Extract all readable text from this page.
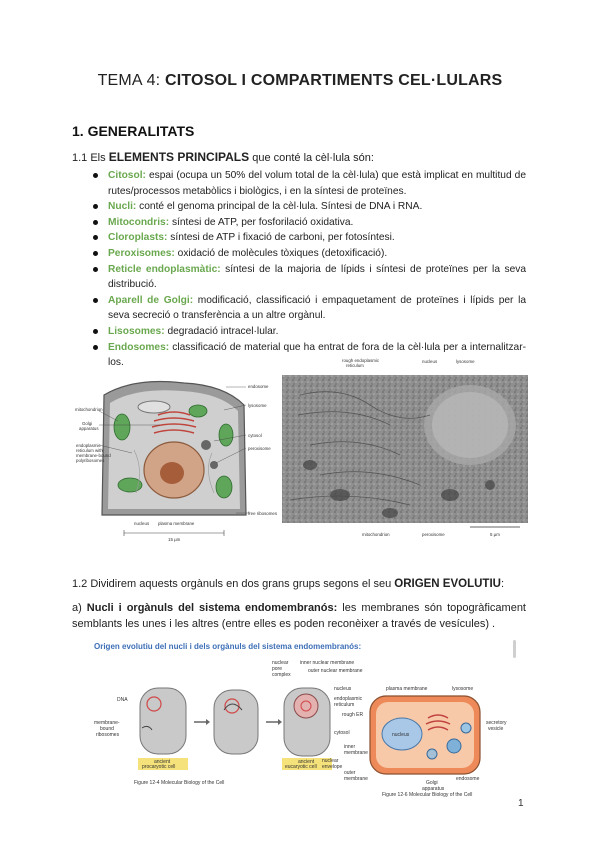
TEMA 4: CITOSOL I COMPARTIMENTS CEL·LULARS
1. GENERALITATS
1.1 Els ELEMENTS PRINCIPALS que conté la cèl·lula són:
Citosol: espai (ocupa un 50% del volum total de la cèl·lula) que està implicat en multitud de rutes/processos metabòlics i biològics, i en la síntesi de proteïnes.
Nucli: conté el genoma principal de la cèl·lula. Síntesi de DNA i RNA.
Mitocondris: síntesi de ATP, per fosforilació oxidativa.
Cloroplasts: síntesi de ATP i fixació de carboni, per fotosíntesi.
Peroxisomes: oxidació de molècules tòxiques (detoxificació).
Reticle endoplasmàtic: síntesi de la majoria de lípids i síntesi de proteïnes per la seva distribució.
Aparell de Golgi: modificació, classificació i empaquetament de proteïnes i lípids per la seva secreció o transferència a un altre orgànul.
Lisosomes: degradació intracel·lular.
Endosomes: classificació de material que ha entrat de fora de la cèl·lula per a internalitzar-los.
mitochondrion
Golgi
apparatus
endoplasmic
reticulum with
membrane-bound
polyribosomes
endosome
lysosome
cytosol
peroxisome
free ribosomes
nucleus plasma membrane
15 µm
rough endoplasmic
reticulum
nucleus	lysosome
mitochondrion	peroxisome	5 µm
1.2 Dividirem aquests orgànuls en dos grans grups segons el seu ORIGEN EVOLUTIU:
a) Nucli i orgànuls del sistema endomembranós: les membranes són topogràficament semblants les unes i les altres (entre elles es poden reconèixer a través de vesícules) .
Origen evolutiu del nucli i dels orgànuls del sistema endomembranós:
DNA
membrane-
bound
ribosomes
ancient
procaryotic cell
ancient
eucaryotic cell
nuclear
pore
complex
inner nuclear membrane
outer nuclear membrane
nucleus
endoplasmic
reticulum
cytosol
Figure 12-4 Molecular Biology of the Cell
plasma membrane	lysosome
rough ER
nucleus
secretory
vesicle
inner
membrane
nuclear
envelope
outer
membrane
Golgi
apparatus
endosome
Figure 12-6 Molecular Biology of the Cell
1
